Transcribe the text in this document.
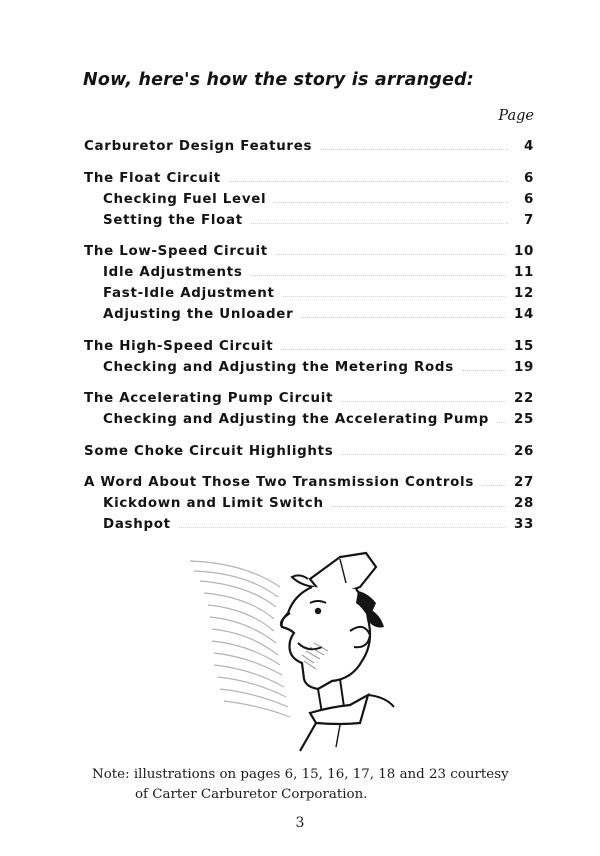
Now, here's how the story is arranged:
Page
Carburetor Design Features	4
The Float Circuit	6
Checking Fuel Level	6
Setting the Float	7
The Low-Speed Circuit	10
Idle Adjustments	11
Fast-Idle Adjustment	12
Adjusting the Unloader	14
The High-Speed Circuit	15
Checking and Adjusting the Metering Rods	19
The Accelerating Pump Circuit	22
Checking and Adjusting the Accelerating Pump 25
Some Choke Circuit Highlights	26
A Word About Those Two Transmission Controls	27
Kickdown and Limit Switch	28
Dashpot	33
Note: illustrations on pages 6, 15, 16, 17, 18 and 23 courtesy
of Carter Carburetor Corporation.
3
